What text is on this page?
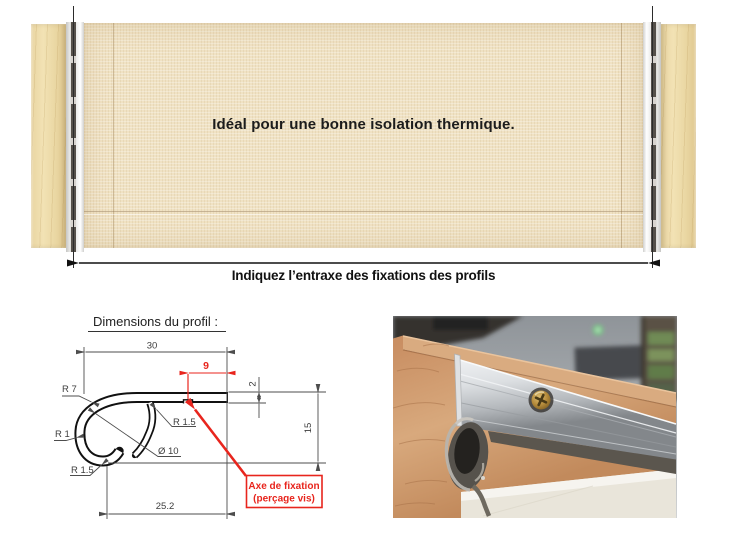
Idéal pour une bonne isolation thermique.
Indiquez l’entraxe des fixations des profils
Dimensions du profil :
30
9
2
15
25.2
R 7
R 1
R 1.5
R 1.5
Ø 10
Axe de fixation
(perçage vis)
